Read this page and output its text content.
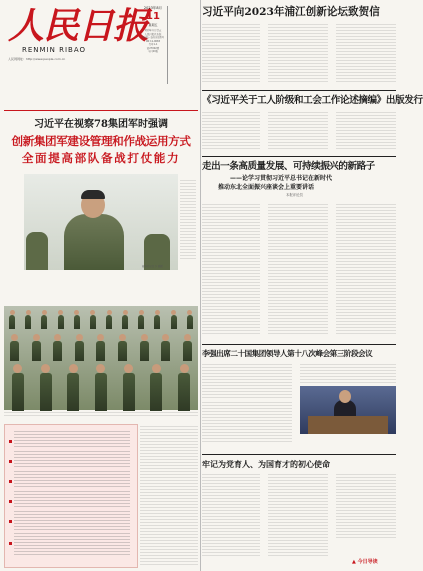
人民日报
RENMIN RIBAO
人民网网址：http://www.people.com.cn
2023年8月
11
星期五
癸卯年六月廿五
人民日报社出版
国内统一连续出版物号
CN 11-0065
代号1-1
第27002期
今日20版
习近平向2023年浦江创新论坛致贺信
《习近平关于工人阶级和工会工作论述摘编》出版发行
习近平在视察78集团军时强调
创新集团军建设管理和作战运用方式
全面提高部队备战打仗能力
新华社记者 李 刚摄
走出一条高质量发展、可持续振兴的新路子
——论学习贯彻习近平总书记在新时代
推动东北全面振兴座谈会上重要讲话
本报评论员
李强出席二十国集团领导人第十八次峰会第三阶段会议
牢记为党育人、为国育才的初心使命
▲ 今日导读
